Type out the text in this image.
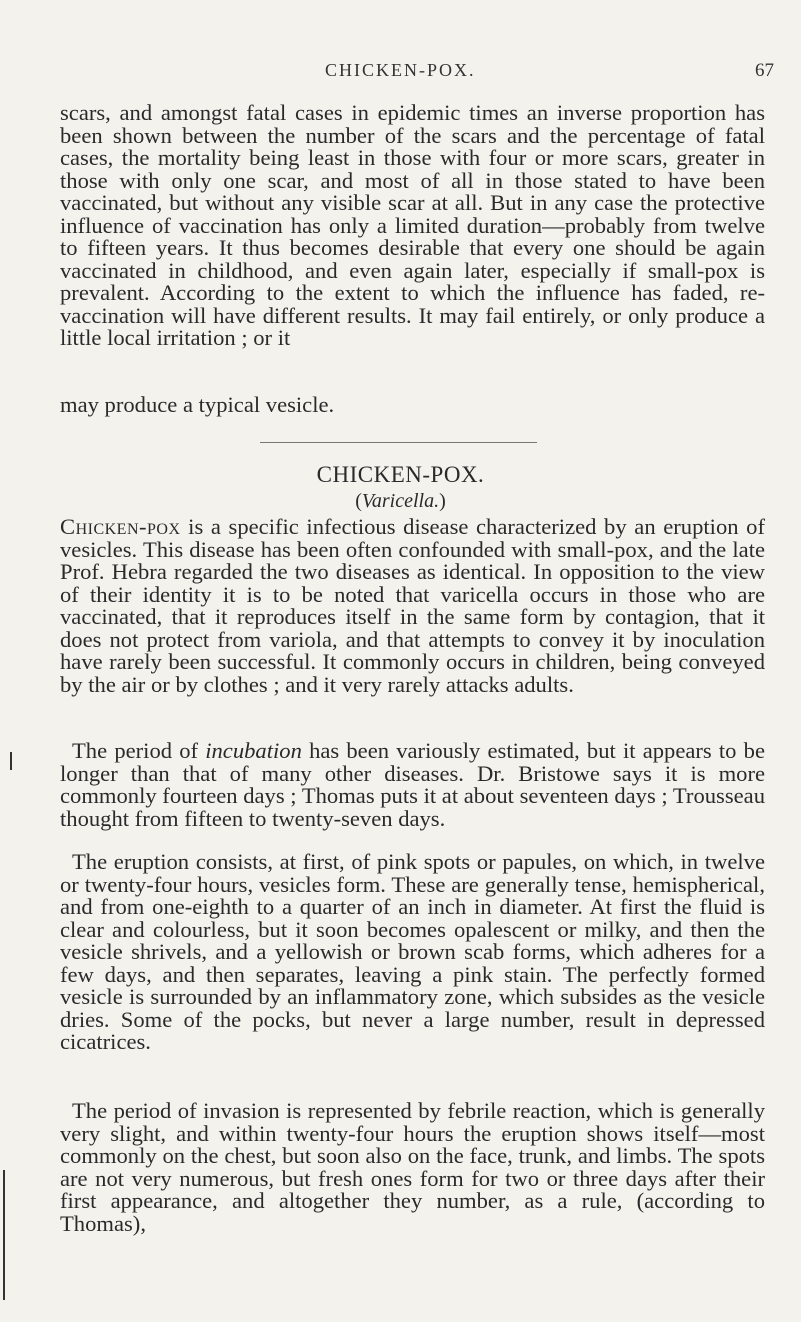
CHICKEN-POX.	67

scars, and amongst fatal cases in epidemic times an inverse proportion has been shown between the number of the scars and the percentage of fatal cases, the mortality being least in those with four or more scars, greater in those with only one scar, and most of all in those stated to have been vaccinated, but without any visible scar at all. But in any case the protective influence of vaccination has only a limited duration—probably from twelve to fifteen years. It thus becomes desirable that every one should be again vaccinated in childhood, and even again later, especially if small-pox is prevalent. According to the extent to which the influence has faded, re-vaccination will have different results. It may fail entirely, or only produce a little local irritation ; or it

may produce a typical vesicle.

CHICKEN-POX.
(Varicella.)

Chicken-pox is a specific infectious disease characterized by an eruption of vesicles. This disease has been often confounded with small-pox, and the late Prof. Hebra regarded the two diseases as identical. In opposition to the view of their identity it is to be noted that varicella occurs in those who are vaccinated, that it reproduces itself in the same form by contagion, that it does not protect from variola, and that attempts to convey it by inoculation have rarely been successful. It commonly occurs in children, being conveyed by the air or by clothes ; and it very rarely attacks adults.

The period of incubation has been variously estimated, but it appears to be longer than that of many other diseases. Dr. Bristowe says it is more commonly fourteen days ; Thomas puts it at about seventeen days ; Trousseau thought from fifteen to twenty-seven days.

The eruption consists, at first, of pink spots or papules, on which, in twelve or twenty-four hours, vesicles form. These are generally tense, hemispherical, and from one-eighth to a quarter of an inch in diameter. At first the fluid is clear and colourless, but it soon becomes opalescent or milky, and then the vesicle shrivels, and a yellowish or brown scab forms, which adheres for a few days, and then separates, leaving a pink stain. The perfectly formed vesicle is surrounded by an inflammatory zone, which subsides as the vesicle dries. Some of the pocks, but never a large number, result in depressed cicatrices.

The period of invasion is represented by febrile reaction, which is generally very slight, and within twenty-four hours the eruption shows itself—most commonly on the chest, but soon also on the face, trunk, and limbs. The spots are not very numerous, but fresh ones form for two or three days after their first appearance, and altogether they number, as a rule, (according to Thomas),
